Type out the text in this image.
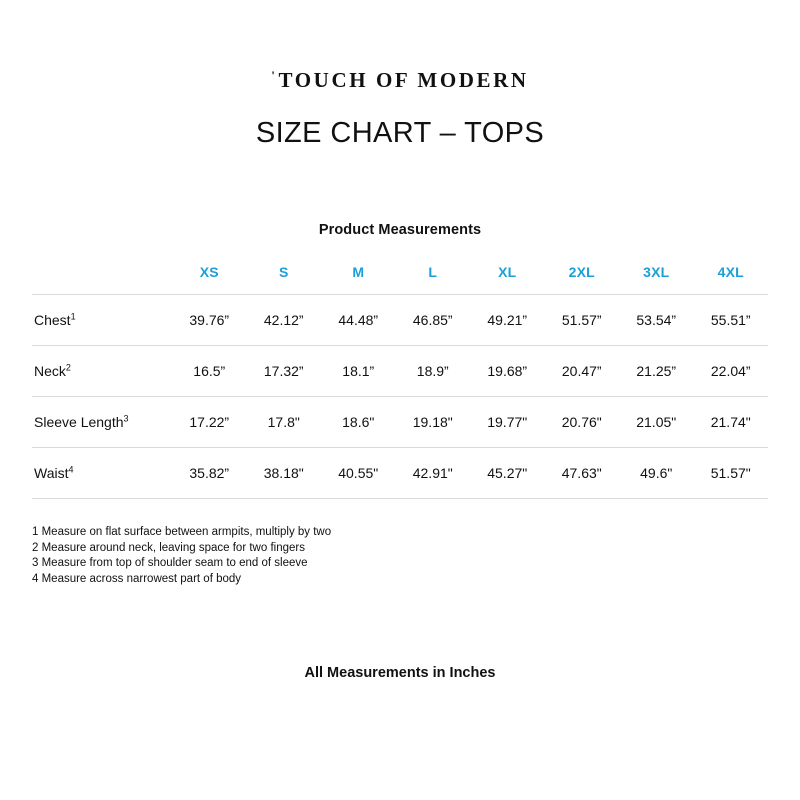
' TOUCH OF MODERN
SIZE CHART – TOPS
Product Measurements
	XS	S	M	L	XL	2XL	3XL	4XL
Chest$^1$	39.76”	42.12”	44.48”	46.85”	49.21”	51.57”	53.54”	55.51”
Neck$^2$	16.5”	17.32”	18.1”	18.9”	19.68”	20.47”	21.25”	22.04”
Sleeve Length$^3$	17.22”	17.8"	18.6"	19.18"	19.77"	20.76"	21.05"	21.74"
Waist$^4$	35.82”	38.18"	40.55"	42.91"	45.27"	47.63"	49.6"	51.57"
1 Measure on flat surface between armpits, multiply by two
2 Measure around neck, leaving space for two fingers
3 Measure from top of shoulder seam to end of sleeve
4 Measure across narrowest part of body
All Measurements in Inches
